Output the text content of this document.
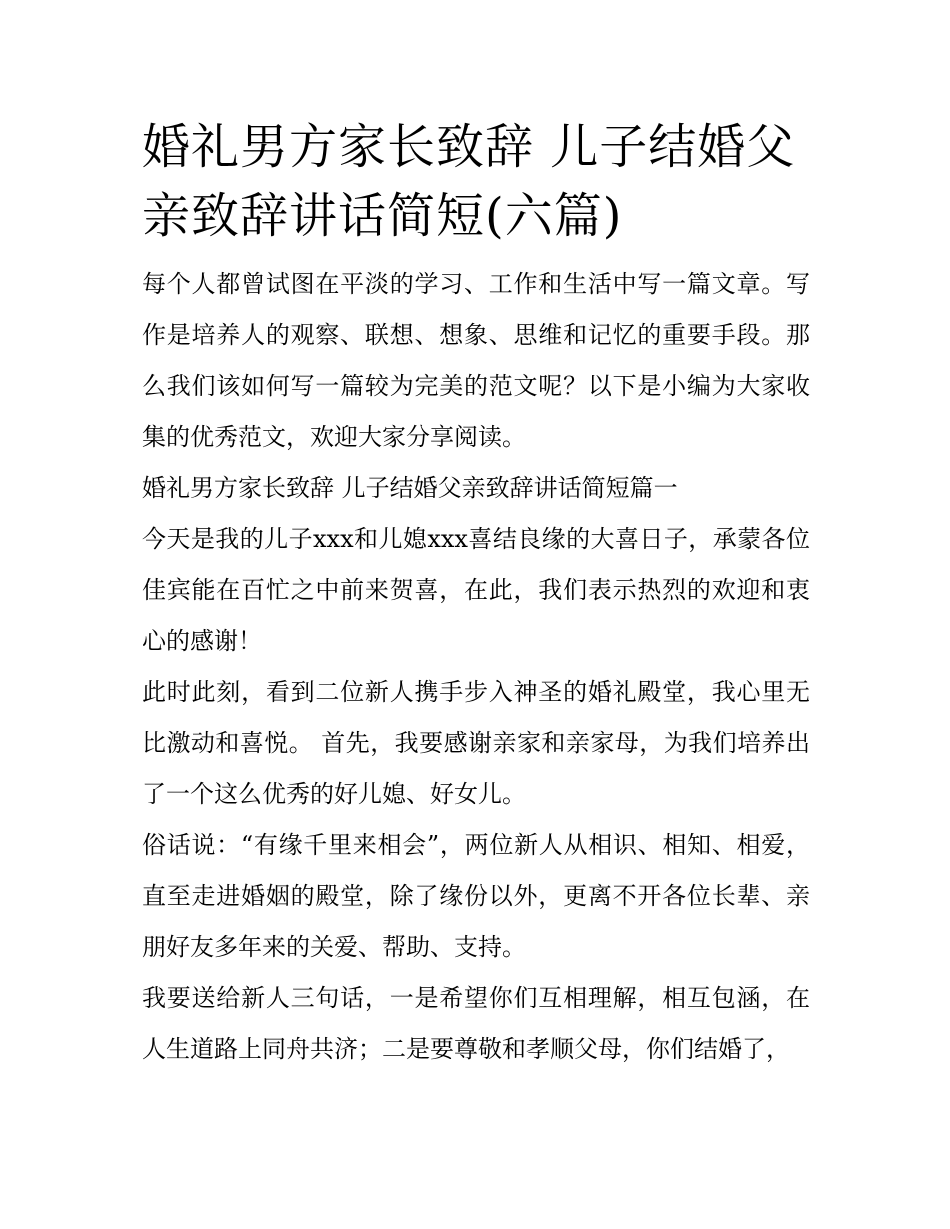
婚礼男方家长致辞 儿子结婚父亲致辞讲话简短(六篇)

每个人都曾试图在平淡的学习、工作和生活中写一篇文章。写作是培养人的观察、联想、想象、思维和记忆的重要手段。那么我们该如何写一篇较为完美的范文呢？以下是小编为大家收集的优秀范文，欢迎大家分享阅读。

婚礼男方家长致辞 儿子结婚父亲致辞讲话简短篇一

今天是我的儿子xxx和儿媳xxx喜结良缘的大喜日子，承蒙各位佳宾能在百忙之中前来贺喜，在此，我们表示热烈的欢迎和衷心的感谢！

此时此刻，看到二位新人携手步入神圣的婚礼殿堂，我心里无比激动和喜悦。 首先，我要感谢亲家和亲家母，为我们培养出了一个这么优秀的好儿媳、好女儿。

俗话说：“有缘千里来相会”，两位新人从相识、相知、相爱，直至走进婚姻的殿堂，除了缘份以外，更离不开各位长辈、亲朋好友多年来的关爱、帮助、支持。

我要送给新人三句话，一是希望你们互相理解，相互包涵，在人生道路上同舟共济；二是要尊敬和孝顺父母，你们结婚了，
